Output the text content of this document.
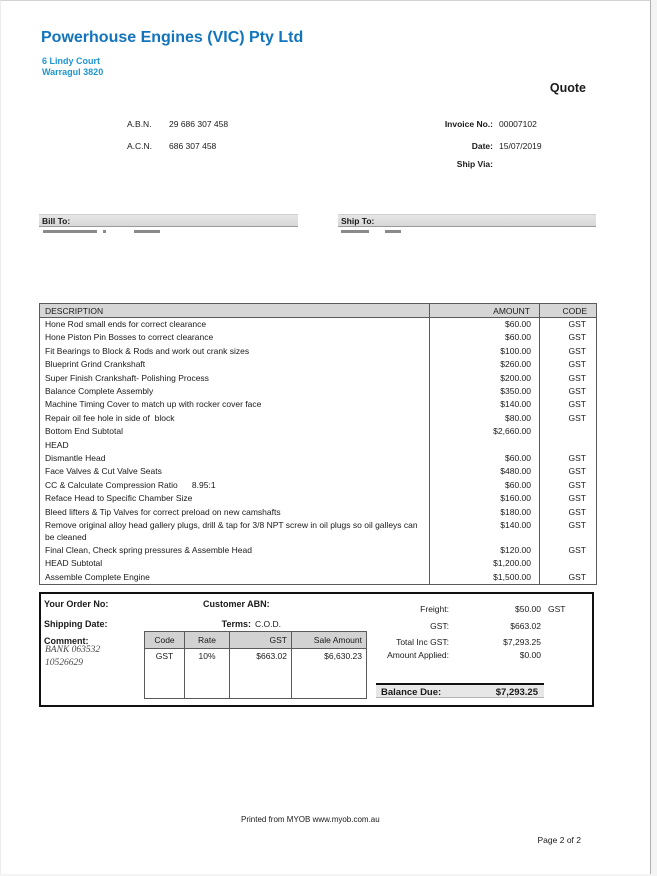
Powerhouse Engines (VIC) Pty Ltd
6 Lindy Court
Warragul 3820
Quote
A.B.N. 29 686 307 458
A.C.N. 686 307 458
Invoice No.: 00007102
Date: 15/07/2019
Ship Via:
Bill To:	Ship To:
DESCRIPTION	AMOUNT	CODE
Hone Rod small ends for correct clearance	$60.00	GST
Hone Piston Pin Bosses to correct clearance	$60.00	GST
Fit Bearings to Block & Rods and work out crank sizes	$100.00	GST
Blueprint Grind Crankshaft	$260.00	GST
Super Finish Crankshaft- Polishing Process	$200.00	GST
Balance Complete Assembly	$350.00	GST
Machine Timing Cover to match up with rocker cover face	$140.00	GST
Repair oil fee hole in side of  block	$80.00	GST
Bottom End Subtotal	$2,660.00	
HEAD		
Dismantle Head	$60.00	GST
Face Valves & Cut Valve Seats	$480.00	GST
CC & Calculate Compression Ratio      8.95:1	$60.00	GST
Reface Head to Specific Chamber Size	$160.00	GST
Bleed lifters & Tip Valves for correct preload on new camshafts	$180.00	GST
Remove original alloy head gallery plugs, drill & tap for 3/8 NPT screw in oil plugs so oil galleys can be cleaned	$140.00	GST
Final Clean, Check spring pressures & Assemble Head	$120.00	GST
HEAD Subtotal	$1,200.00	
Assemble Complete Engine	$1,500.00	GST
Your Order No:
Shipping Date:
Comment:
BANK 063532
10526629
Customer ABN:
Terms: C.O.D.
Code	Rate	GST	Sale Amount
GST	10%	$663.02	$6,630.23
Freight:	$50.00 GST
GST:	$663.02
Total Inc GST:	$7,293.25
Amount Applied:	$0.00
Balance Due:	$7,293.25
Printed from MYOB www.myob.com.au
Page 2 of 2
